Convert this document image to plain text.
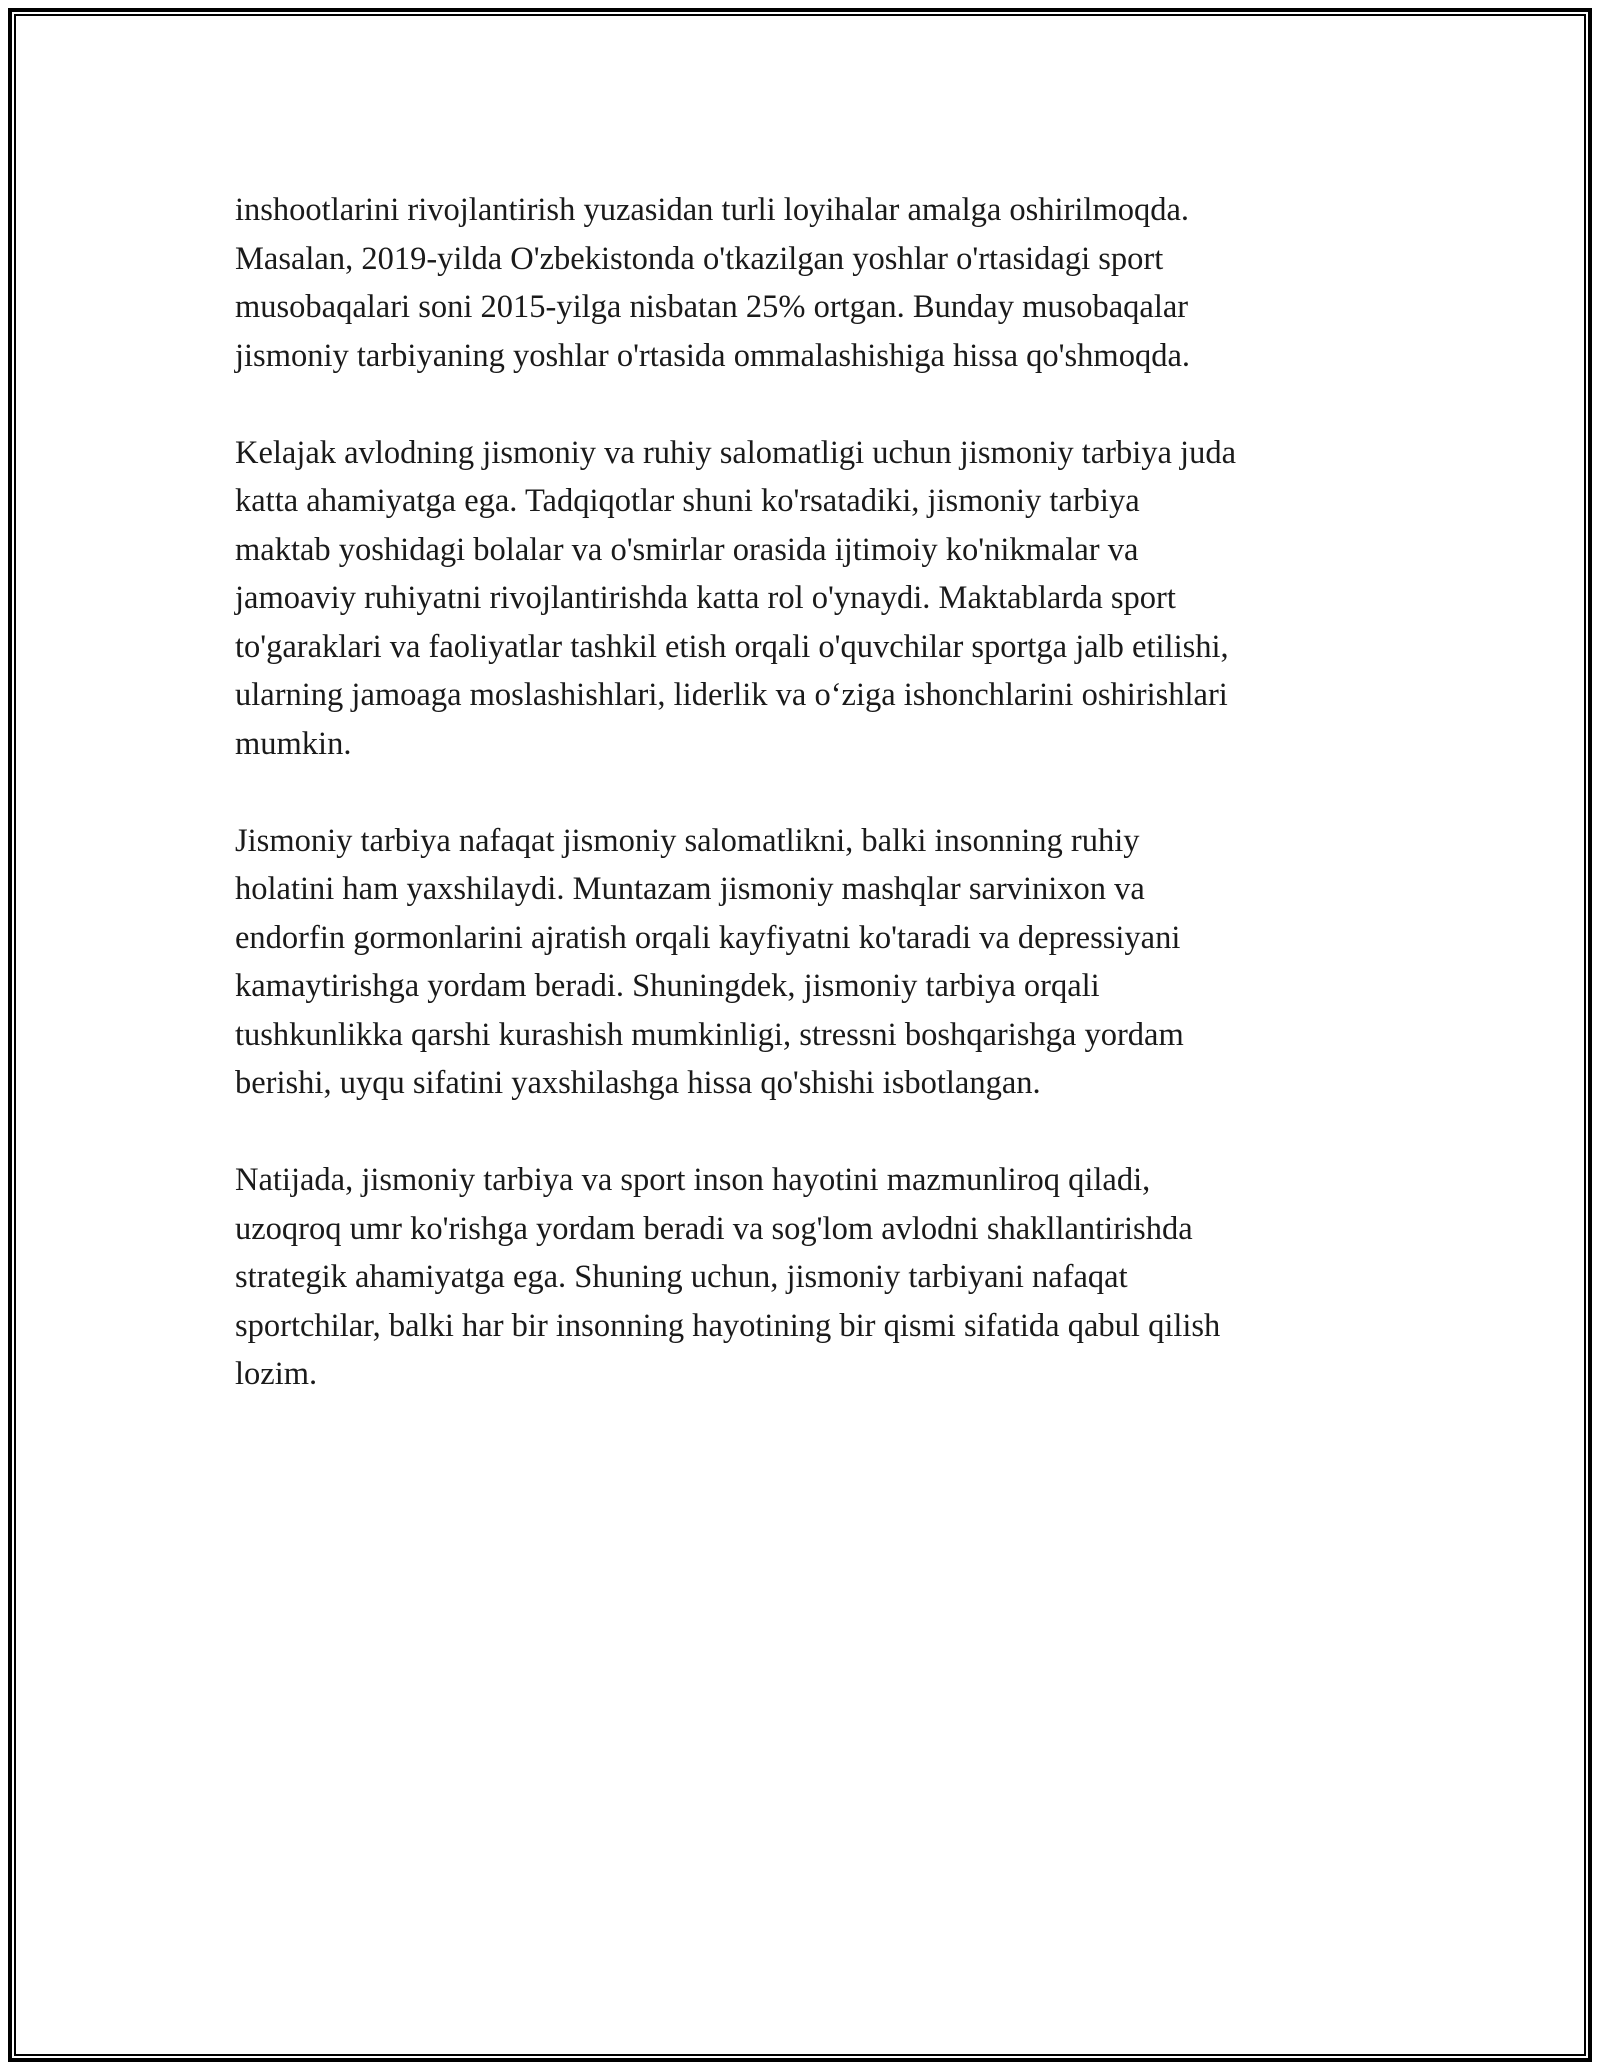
inshootlarini rivojlantirish yuzasidan turli loyihalar amalga oshirilmoqda.
Masalan, 2019-yilda O'zbekistonda o'tkazilgan yoshlar o'rtasidagi sport
musobaqalari soni 2015-yilga nisbatan 25% ortgan. Bunday musobaqalar
jismoniy tarbiyaning yoshlar o'rtasida ommalashishiga hissa qo'shmoqda.

Kelajak avlodning jismoniy va ruhiy salomatligi uchun jismoniy tarbiya juda
katta ahamiyatga ega. Tadqiqotlar shuni ko'rsatadiki, jismoniy tarbiya
maktab yoshidagi bolalar va o'smirlar orasida ijtimoiy ko'nikmalar va
jamoaviy ruhiyatni rivojlantirishda katta rol o'ynaydi. Maktablarda sport
to'garaklari va faoliyatlar tashkil etish orqali o'quvchilar sportga jalb etilishi,
ularning jamoaga moslashishlari, liderlik va o‘ziga ishonchlarini oshirishlari
mumkin.

Jismoniy tarbiya nafaqat jismoniy salomatlikni, balki insonning ruhiy
holatini ham yaxshilaydi. Muntazam jismoniy mashqlar sarvinixon va
endorfin gormonlarini ajratish orqali kayfiyatni ko'taradi va depressiyani
kamaytirishga yordam beradi. Shuningdek, jismoniy tarbiya orqali
tushkunlikka qarshi kurashish mumkinligi, stressni boshqarishga yordam
berishi, uyqu sifatini yaxshilashga hissa qo'shishi isbotlangan.

Natijada, jismoniy tarbiya va sport inson hayotini mazmunliroq qiladi,
uzoqroq umr ko'rishga yordam beradi va sog'lom avlodni shakllantirishda
strategik ahamiyatga ega. Shuning uchun, jismoniy tarbiyani nafaqat
sportchilar, balki har bir insonning hayotining bir qismi sifatida qabul qilish
lozim.
